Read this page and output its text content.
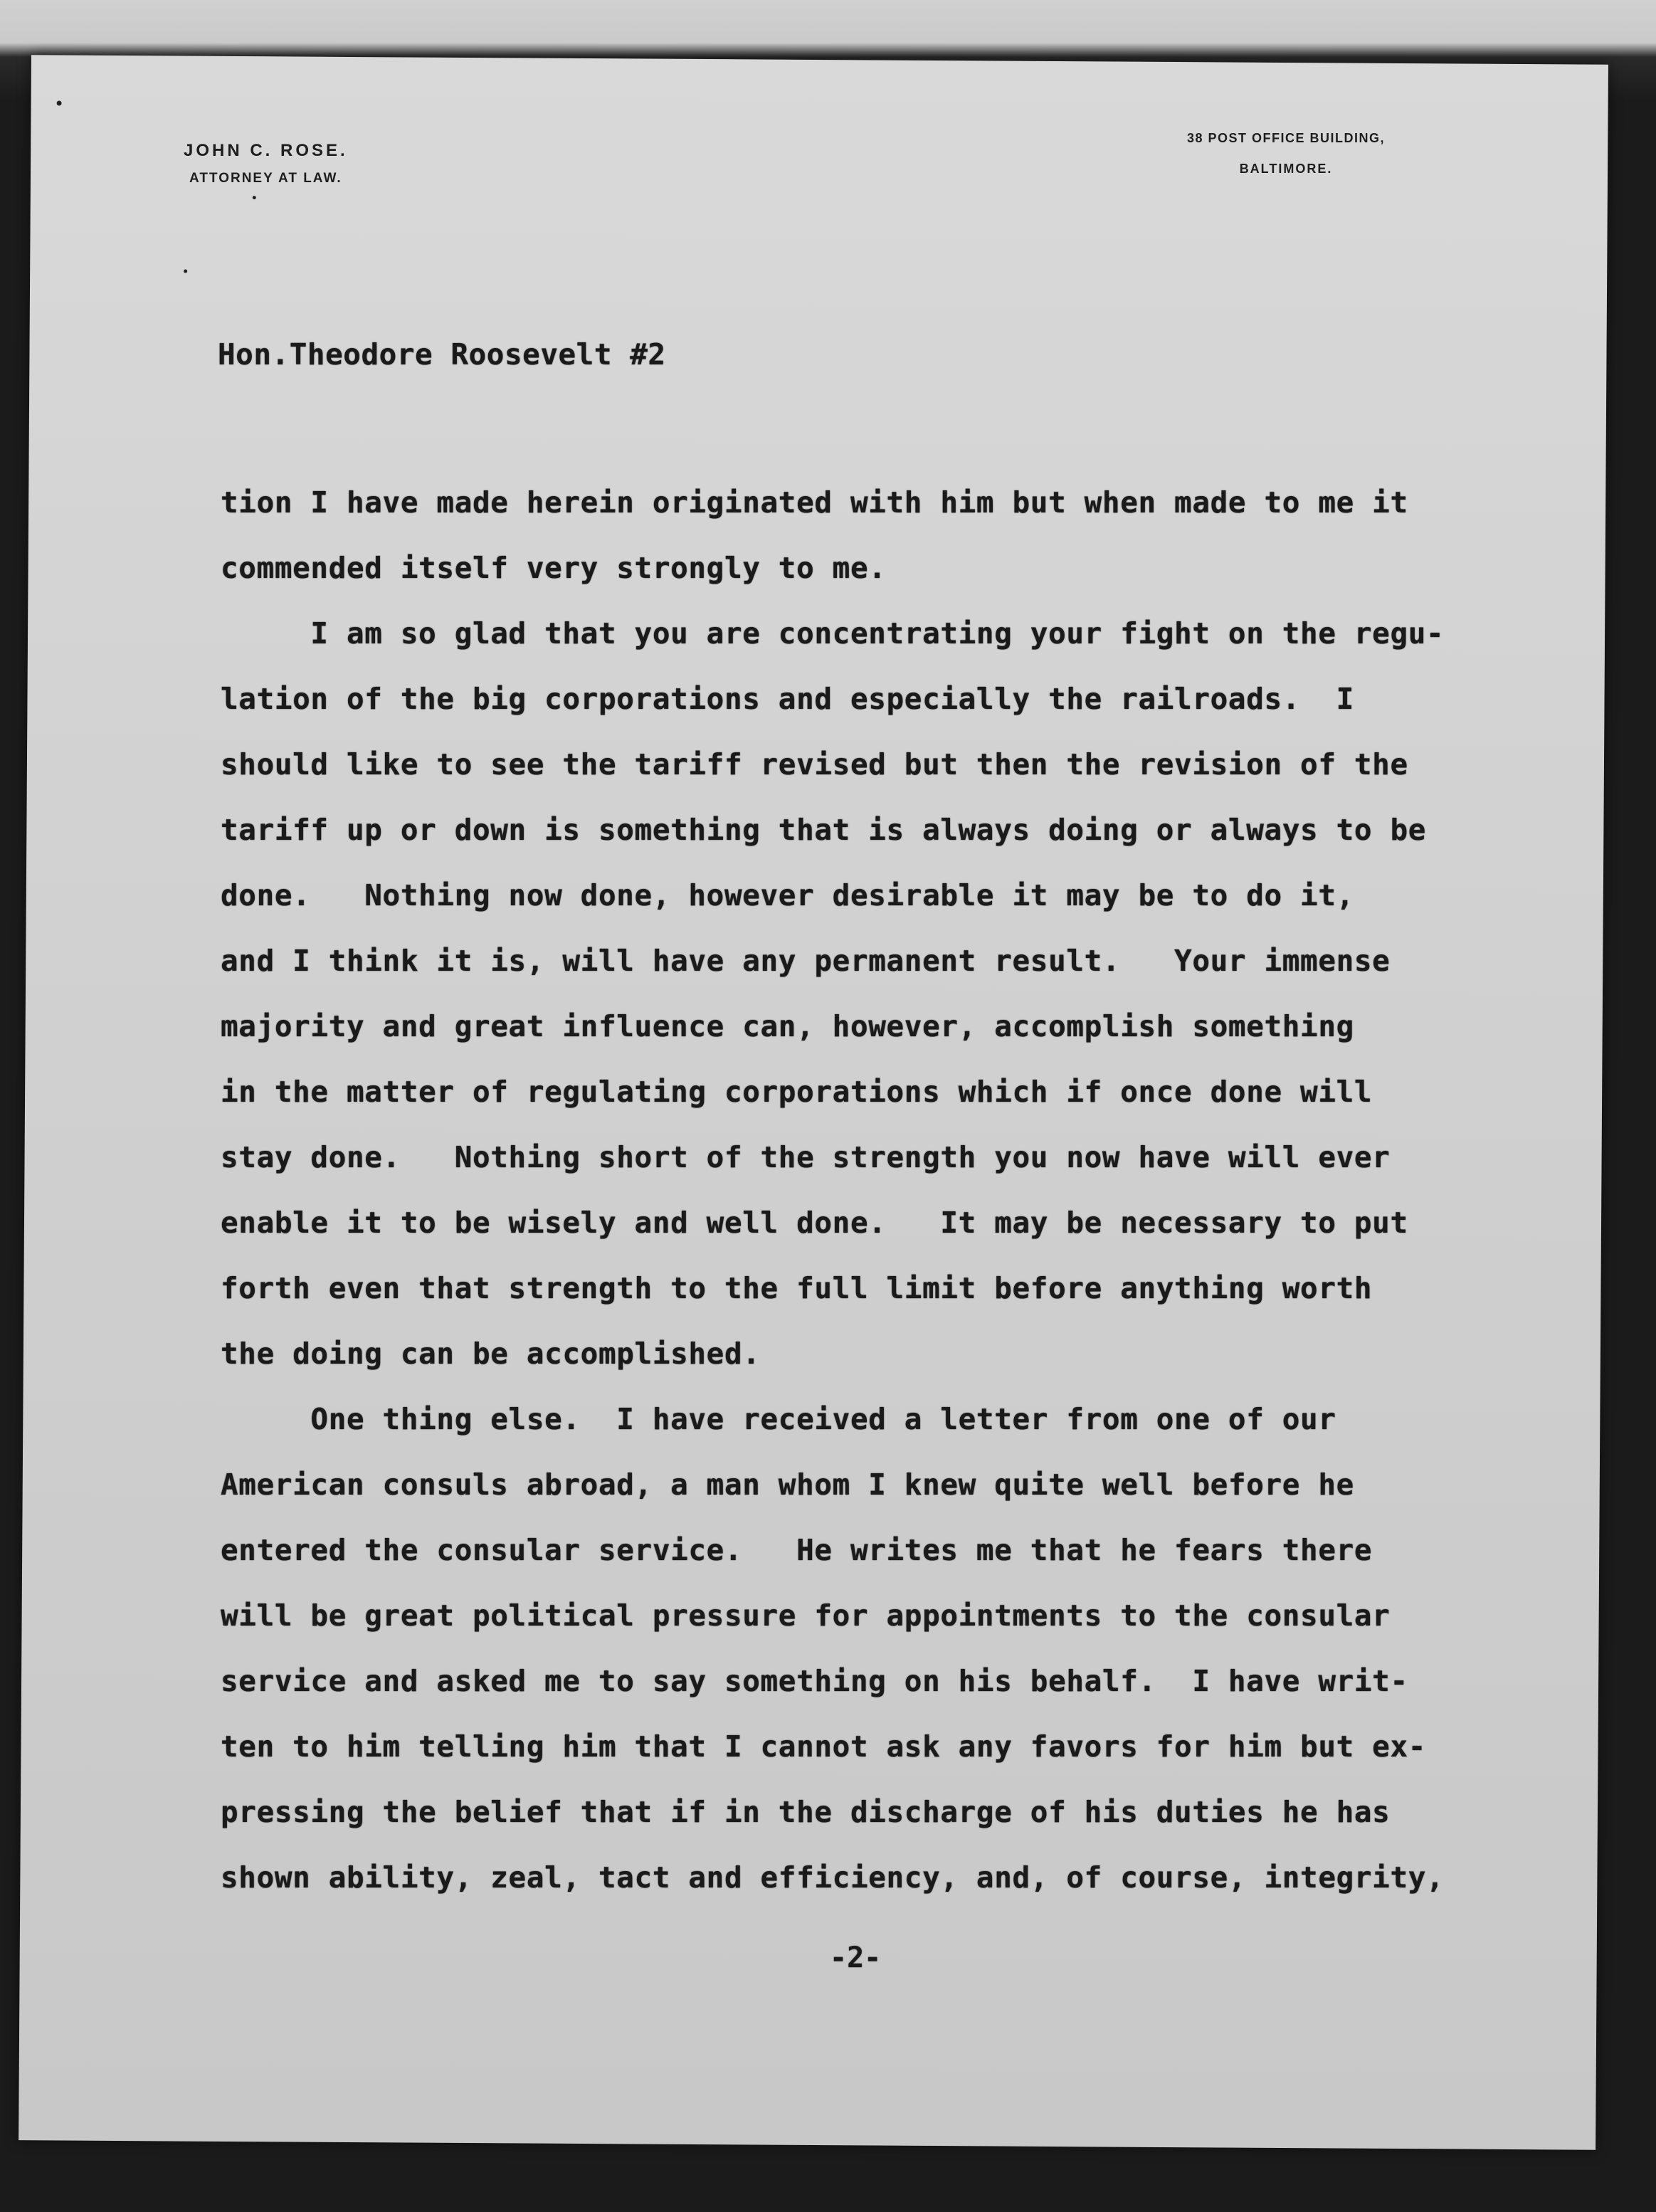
JOHN C. ROSE.
ATTORNEY AT LAW.
38 POST OFFICE BUILDING,
BALTIMORE.
Hon.Theodore Roosevelt #2
tion I have made herein originated with him but when made to me it
commended itself very strongly to me.
I am so glad that you are concentrating your fight on the regu-
lation of the big corporations and especially the railroads.  I
should like to see the tariff revised but then the revision of the
tariff up or down is something that is always doing or always to be
done.   Nothing now done, however desirable it may be to do it,
and I think it is, will have any permanent result.   Your immense
majority and great influence can, however, accomplish something
in the matter of regulating corporations which if once done will
stay done.   Nothing short of the strength you now have will ever
enable it to be wisely and well done.   It may be necessary to put
forth even that strength to the full limit before anything worth
the doing can be accomplished.
One thing else.  I have received a letter from one of our
American consuls abroad, a man whom I knew quite well before he
entered the consular service.   He writes me that he fears there
will be great political pressure for appointments to the consular
service and asked me to say something on his behalf.  I have writ-
ten to him telling him that I cannot ask any favors for him but ex-
pressing the belief that if in the discharge of his duties he has
shown ability, zeal, tact and efficiency, and, of course, integrity,
-2-
